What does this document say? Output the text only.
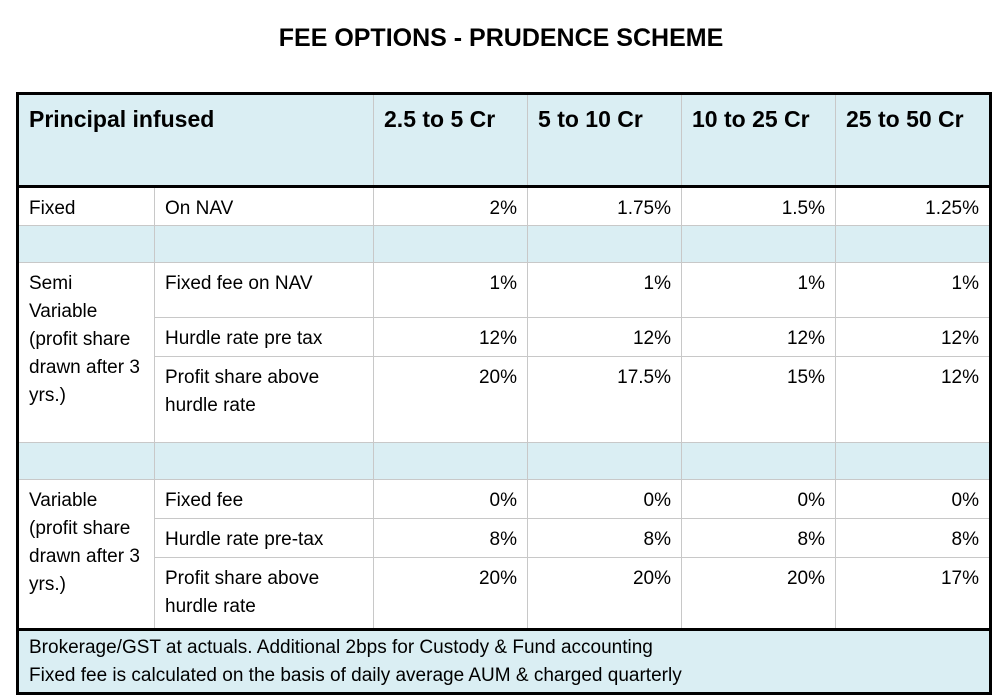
FEE OPTIONS - PRUDENCE SCHEME
Principal infused		2.5 to 5 Cr	5 to 10 Cr	10 to 25 Cr	25 to 50 Cr
Fixed	On NAV	2%	1.75%	1.5%	1.25%

Semi Variable (profit share drawn after 3 yrs.)	Fixed fee on NAV	1%	1%	1%	1%
	Hurdle rate pre tax	12%	12%	12%	12%
	Profit share above hurdle rate	20%	17.5%	15%	12%

Variable (profit share drawn after 3 yrs.)	Fixed fee	0%	0%	0%	0%
	Hurdle rate pre-tax	8%	8%	8%	8%
	Profit share above hurdle rate	20%	20%	20%	17%

Brokerage/GST at actuals. Additional 2bps for Custody & Fund accounting
Fixed fee is calculated on the basis of daily average AUM & charged quarterly					
